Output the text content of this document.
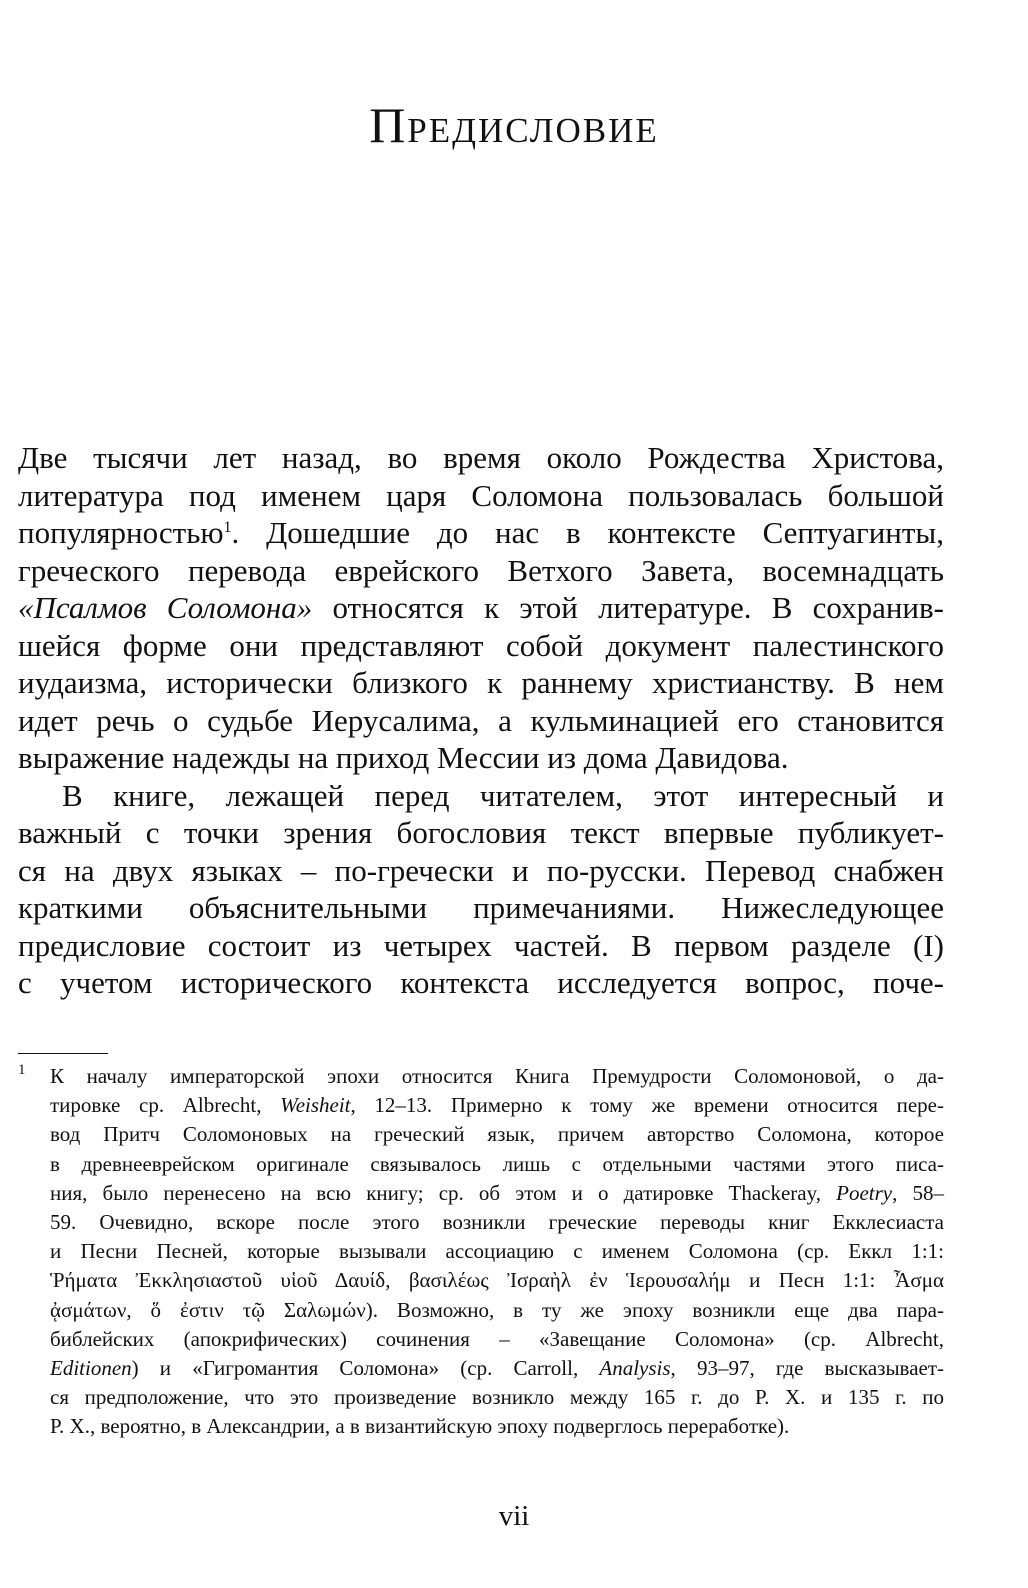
Предисловие
Две тысячи лет назад, во время около Рождества Христова,
литература под именем царя Соломона пользовалась большой
популярностью$^1$. Дошедшие до нас в контексте Септуагинты,
греческого перевода еврейского Ветхого Завета, восемнадцать
«Псалмов Соломона» относятся к этой литературе. В сохранив-
шейся форме они представляют собой документ палестинского
иудаизма, исторически близкого к раннему христианству. В нем
идет речь о судьбе Иерусалима, а кульминацией его становится
выражение надежды на приход Мессии из дома Давидова.
В книге, лежащей перед читателем, этот интересный и
важный с точки зрения богословия текст впервые публикует-
ся на двух языках – по-гречески и по-русски. Перевод снабжен
краткими объяснительными примечаниями. Нижеследующее
предисловие состоит из четырех частей. В первом разделе (I)
с учетом исторического контекста исследуется вопрос, поче-
1 К началу императорской эпохи относится Книга Премудрости Соломоновой, о да-
тировке ср. Albrecht, Weisheit, 12–13. Примерно к тому же времени относится пере-
вод Притч Соломоновых на греческий язык, причем авторство Соломона, которое
в древнееврейском оригинале связывалось лишь с отдельными частями этого писа-
ния, было перенесено на всю книгу; ср. об этом и о датировке Thackeray, Poetry, 58–
59. Очевидно, вскоре после этого возникли греческие переводы книг Екклесиаста
и Песни Песней, которые вызывали ассоциацию с именем Соломона (ср. Еккл 1:1:
Ῥήματα Ἐκκλησιαστοῦ υἱοῦ Δαυίδ, βασιλέως Ἰσραὴλ ἐν Ἱερουσαλήμ и Песн 1:1: Ἆσμα
ᾀσμάτων, ὅ ἐστιν τῷ Σαλωμών). Возможно, в ту же эпоху возникли еще два пара-
библейских (апокрифических) сочинения – «Завещание Соломона» (ср. Albrecht,
Editionen) и «Гигромантия Соломона» (ср. Carroll, Analysis, 93–97, где высказывает-
ся предположение, что это произведение возникло между 165 г. до Р. Х. и 135 г. по
Р. Х., вероятно, в Александрии, а в византийскую эпоху подверглось переработке).
vii
